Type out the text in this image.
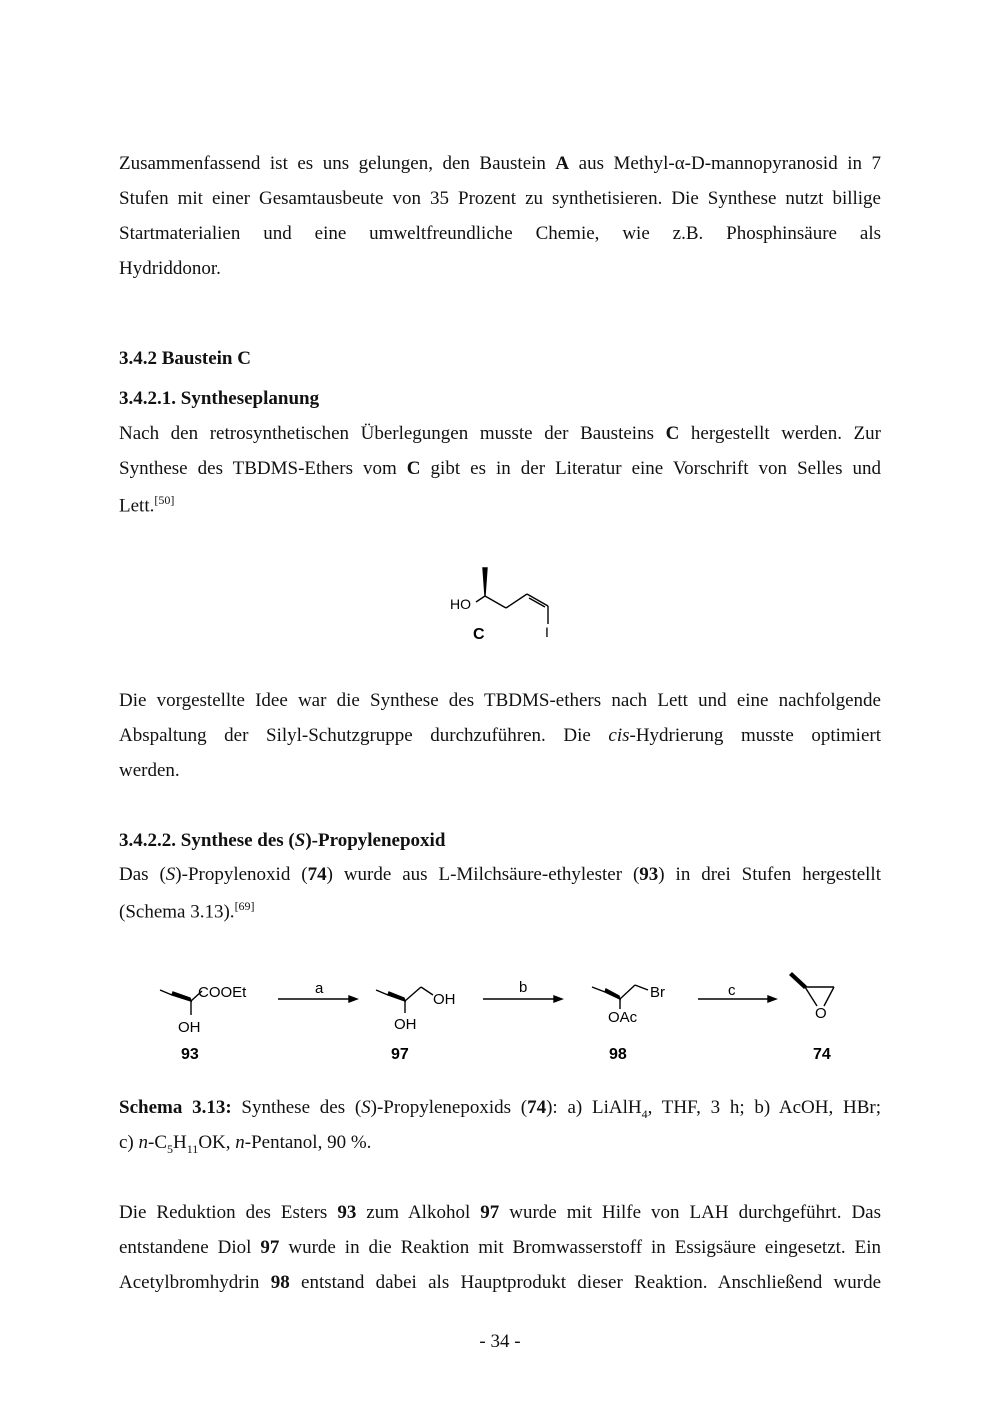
Zusammenfassend ist es uns gelungen, den Baustein A aus Methyl-α-D-mannopyranosid in 7
Stufen mit einer Gesamtausbeute von 35 Prozent zu synthetisieren. Die Synthese nutzt billige
Startmaterialien und eine umweltfreundliche Chemie, wie z.B. Phosphinsäure als
Hydriddonor.
3.4.2 Baustein C
3.4.2.1. Syntheseplanung
Nach den retrosynthetischen Überlegungen musste der Bausteins C hergestellt werden. Zur
Synthese des TBDMS-Ethers vom C gibt es in der Literatur eine Vorschrift von Selles und
Lett.[50]
HO
I
C
Die vorgestellte Idee war die Synthese des TBDMS-ethers nach Lett und eine nachfolgende
Abspaltung der Silyl-Schutzgruppe durchzuführen. Die cis-Hydrierung musste optimiert
werden.
3.4.2.2. Synthese des (S)-Propylenepoxid
Das (S)-Propylenoxid (74) wurde aus L-Milchsäure-ethylester (93) in drei Stufen hergestellt
(Schema 3.13).[69]
COOEt
OH
a
OH
OH
b	Br
OAc
c
O
93	97	98	74
Schema 3.13: Synthese des (S)-Propylenepoxids (74): a) LiAlH$_4$, THF, 3 h; b) AcOH, HBr;
c) $n-C_5H_{11}OK$, n-Pentanol, 90 %.
Die Reduktion des Esters 93 zum Alkohol 97 wurde mit Hilfe von LAH durchgeführt. Das
entstandene Diol 97 wurde in die Reaktion mit Bromwasserstoff in Essigsäure eingesetzt. Ein
Acetylbromhydrin 98 entstand dabei als Hauptprodukt dieser Reaktion. Anschließend wurde
- 34 -
